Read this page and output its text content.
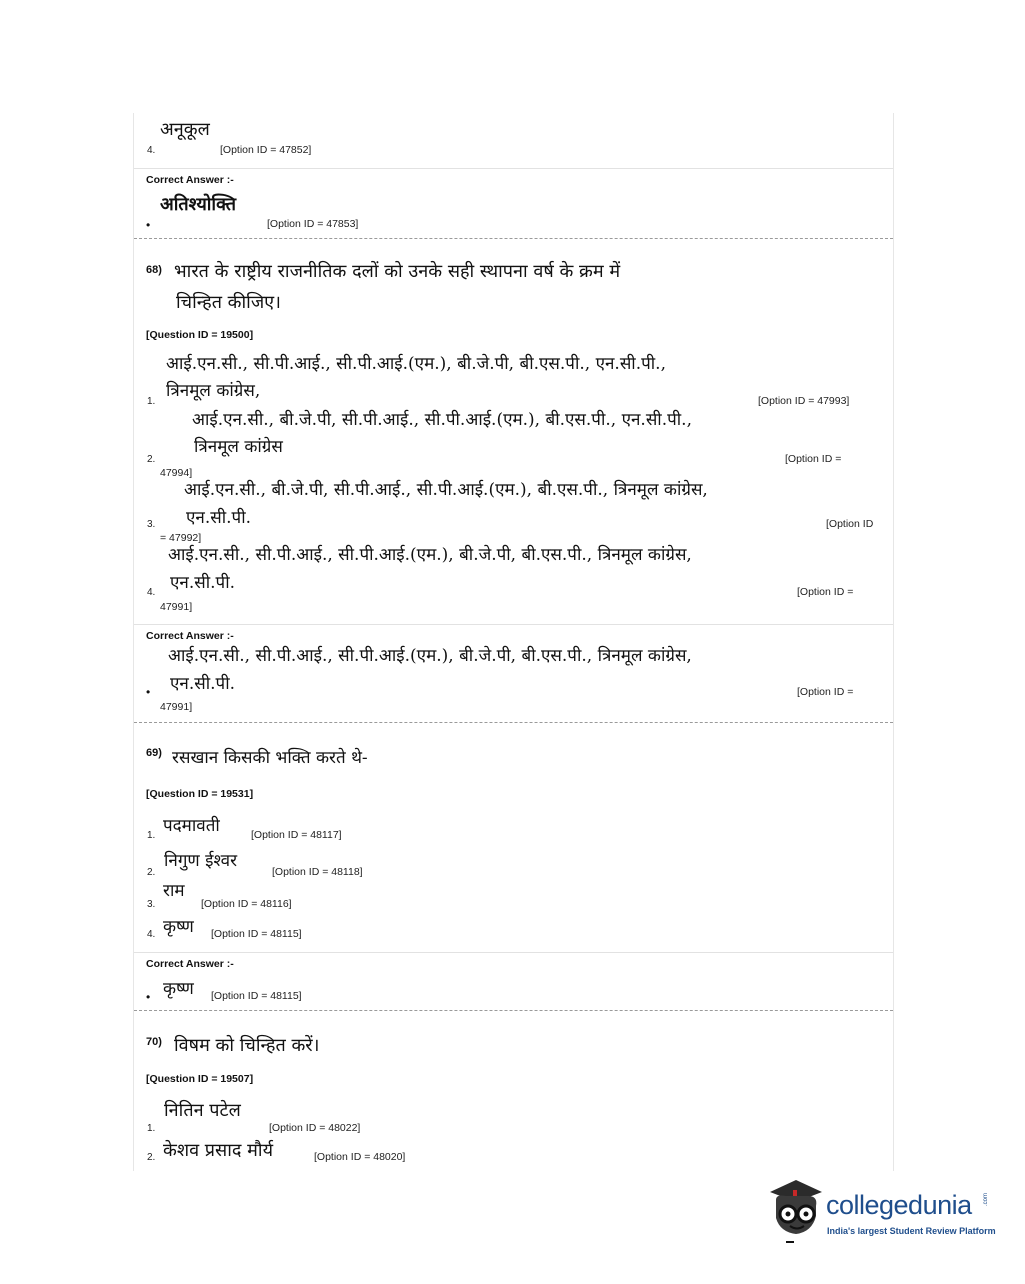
अनूकूल
4.	[Option ID = 47852]
Correct Answer :-
अतिश्योक्ति
•	[Option ID = 47853]
68) भारत के राष्ट्रीय राजनीतिक दलों को उनके सही स्थापना वर्ष के क्रम में
चिन्हित कीजिए।
[Question ID = 19500]
आई.एन.सी., सी.पी.आई., सी.पी.आई.(एम.), बी.जे.पी, बी.एस.पी., एन.सी.पी.,
त्रिनमूल कांग्रेस,
1.	[Option ID = 47993]
आई.एन.सी., बी.जे.पी, सी.पी.आई., सी.पी.आई.(एम.), बी.एस.पी., एन.सी.पी.,
त्रिनमूल कांग्रेस
2.	[Option ID =
47994]
आई.एन.सी., बी.जे.पी, सी.पी.आई., सी.पी.आई.(एम.), बी.एस.पी., त्रिनमूल कांग्रेस,
एन.सी.पी.
3.	[Option ID
= 47992]
आई.एन.सी., सी.पी.आई., सी.पी.आई.(एम.), बी.जे.पी, बी.एस.पी., त्रिनमूल कांग्रेस,
एन.सी.पी.
4.	[Option ID =
47991]
Correct Answer :-
आई.एन.सी., सी.पी.आई., सी.पी.आई.(एम.), बी.जे.पी, बी.एस.पी., त्रिनमूल कांग्रेस,
एन.सी.पी.
•	[Option ID =
47991]
69) रसखान किसकी भक्ति करते थे-
[Question ID = 19531]
पदमावती
1.	[Option ID = 48117]
निगुण ईश्वर
2.	[Option ID = 48118]
राम
3.	[Option ID = 48116]
कृष्ण
4.	[Option ID = 48115]
Correct Answer :-
कृष्ण
•	[Option ID = 48115]
70) विषम को चिन्हित करें।
[Question ID = 19507]
नितिन पटेल
1.	[Option ID = 48022]
केशव प्रसाद मौर्य
2.	[Option ID = 48020]
collegedunia .com
India's largest Student Review Platform
